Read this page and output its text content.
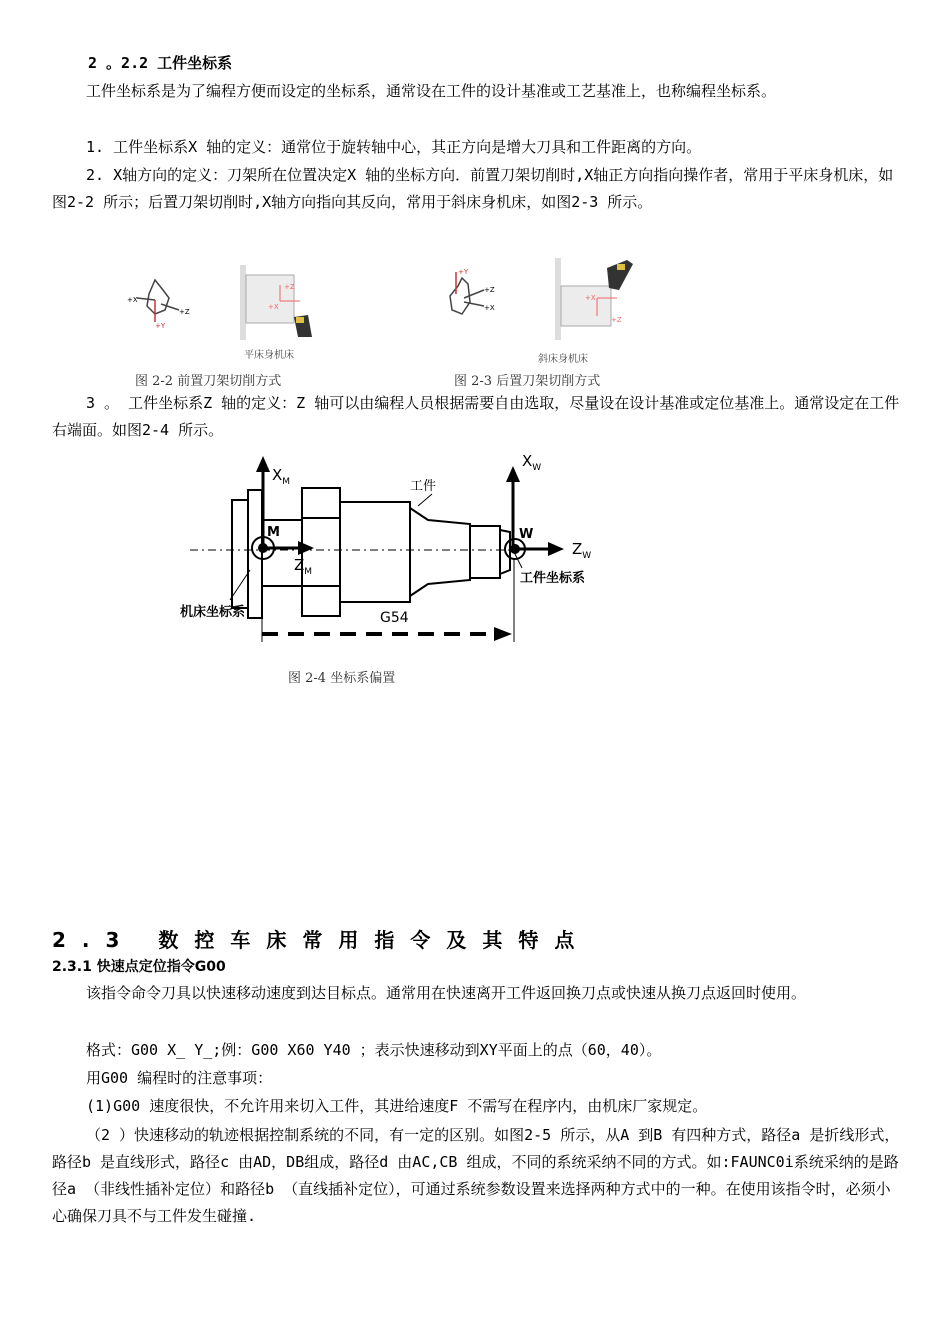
2 。2.2 工件坐标系

工件坐标系是为了编程方便而设定的坐标系，通常设在工件的设计基准或工艺基准上，也称编程坐标系。

1. 工件坐标系X 轴的定义：通常位于旋转轴中心，其正方向是增大刀具和工件距离的方向。

2. X轴方向的定义：刀架所在位置决定X 轴的坐标方向．前置刀架切削时,X轴正方向指向操作者，常用于平床身机床，如图2-2 所示；后置刀架切削时,X轴方向指向其反向，常用于斜床身机床，如图2-3 所示。

+X
+Y
+Z
+Z
+X
平床身机床
图 2-2 前置刀架切削方式
+Y
+Z
+X
+X
+Z
斜床身机床
图 2-3 后置刀架切削方式

3 。 工件坐标系Z 轴的定义：Z 轴可以由编程人员根据需要自由选取，尽量设在设计基准或定位基准上。通常设定在工件右端面。如图2-4 所示。

$X_M$
M
$Z_M$
$X_W$
W
$Z_W$
工件
机床坐标系
工件坐标系
G54
图 2-4 坐标系偏置
2.3 数控车床常用指令及其特点
2.3.1 快速点定位指令G00

该指令命令刀具以快速移动速度到达目标点。通常用在快速离开工件返回换刀点或快速从换刀点返回时使用。

格式：G00 X_ Y_;例：G00 X60 Y40 ；表示快速移动到XY平面上的点（60，40）。

用G00 编程时的注意事项：

(1)G00 速度很快，不允许用来切入工件，其进给速度F 不需写在程序内，由机床厂家规定。

（2 ）快速移动的轨迹根据控制系统的不同，有一定的区别。如图2-5 所示，从A 到B 有四种方式，路径a 是折线形式，路径b 是直线形式，路径c 由AD，DB组成，路径d 由AC,CB 组成，不同的系统采纳不同的方式。如:FAUNC0i系统采纳的是路径a （非线性插补定位）和路径b （直线插补定位），可通过系统参数设置来选择两种方式中的一种。在使用该指令时，必须小心确保刀具不与工件发生碰撞.
